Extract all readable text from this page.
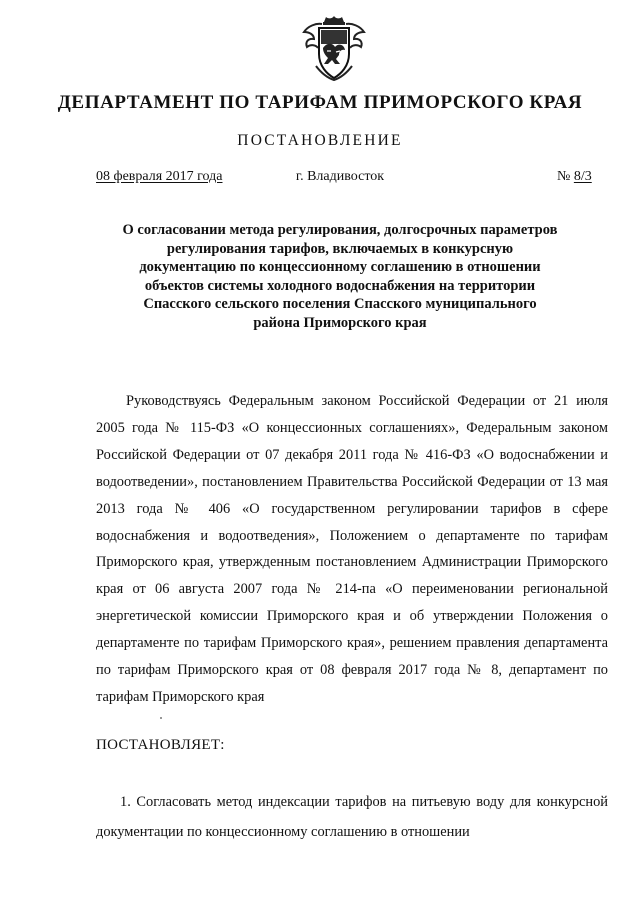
ДЕПАРТАМЕНТ ПО ТАРИФАМ ПРИМОРСКОГО КРАЯ
ПОСТАНОВЛЕНИЕ
08 февраля 2017 года	г. Владивосток	№ 8/3
О согласовании метода регулирования, долгосрочных параметров регулирования тарифов, включаемых в конкурсную документацию по концессионному соглашению в отношении объектов системы холодного водоснабжения на территории Спасского сельского поселения Спасского муниципального района Приморского края
Руководствуясь Федеральным законом Российской Федерации от 21 июля 2005 года № 115-ФЗ «О концессионных соглашениях», Федеральным законом Российской Федерации от 07 декабря 2011 года № 416-ФЗ «О водоснабжении и водоотведении», постановлением Правительства Российской Федерации от 13 мая 2013 года № 406 «О государственном регулировании тарифов в сфере водоснабжения и водоотведения», Положением о департаменте по тарифам Приморского края, утвержденным постановлением Администрации Приморского края от 06 августа 2007 года № 214-па «О переименовании региональной энергетической комиссии Приморского края и об утверждении Положения о департаменте по тарифам Приморского края», решением правления департамента по тарифам Приморского края от 08 февраля 2017 года № 8, департамент по тарифам Приморского края
ПОСТАНОВЛЯЕТ:
1. Согласовать метод индексации тарифов на питьевую воду для конкурсной документации по концессионному соглашению в отношении
